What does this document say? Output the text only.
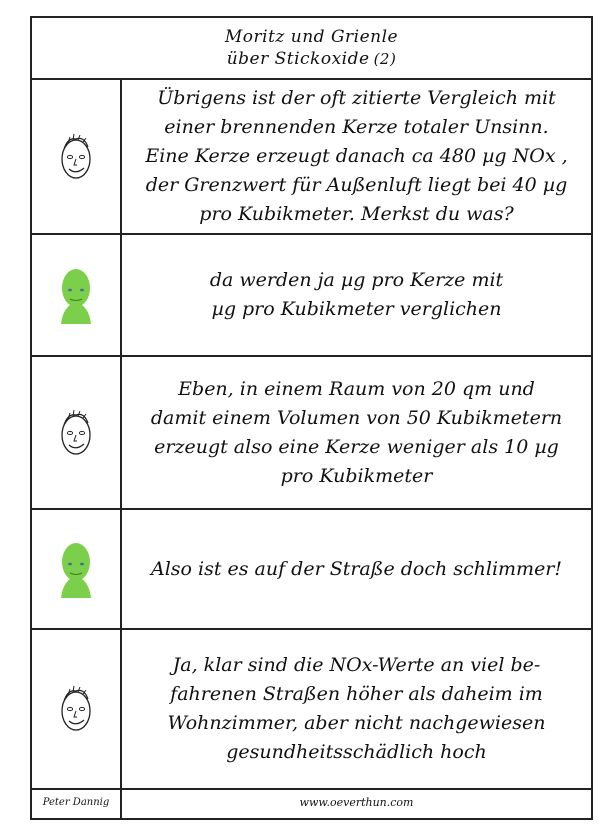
Moritz und Grienle
über Stickoxide (2)
Übrigens ist der oft zitierte Vergleich mit
einer brennenden Kerze totaler Unsinn.
Eine Kerze erzeugt danach ca 480 µg NOx ,
der Grenzwert für Außenluft liegt bei 40 µg
pro Kubikmeter. Merkst du was?
da werden ja µg pro Kerze mit
µg pro Kubikmeter verglichen
Eben, in einem Raum von 20 qm und
damit einem Volumen von 50 Kubikmetern
erzeugt also eine Kerze weniger als 10 µg
pro Kubikmeter
Also ist es auf der Straße doch schlimmer!
Ja, klar sind die NOx-Werte an viel be-
fahrenen Straßen höher als daheim im
Wohnzimmer, aber nicht nachgewiesen
gesundheitsschädlich hoch
Peter Dannig	www.oeverthun.com
